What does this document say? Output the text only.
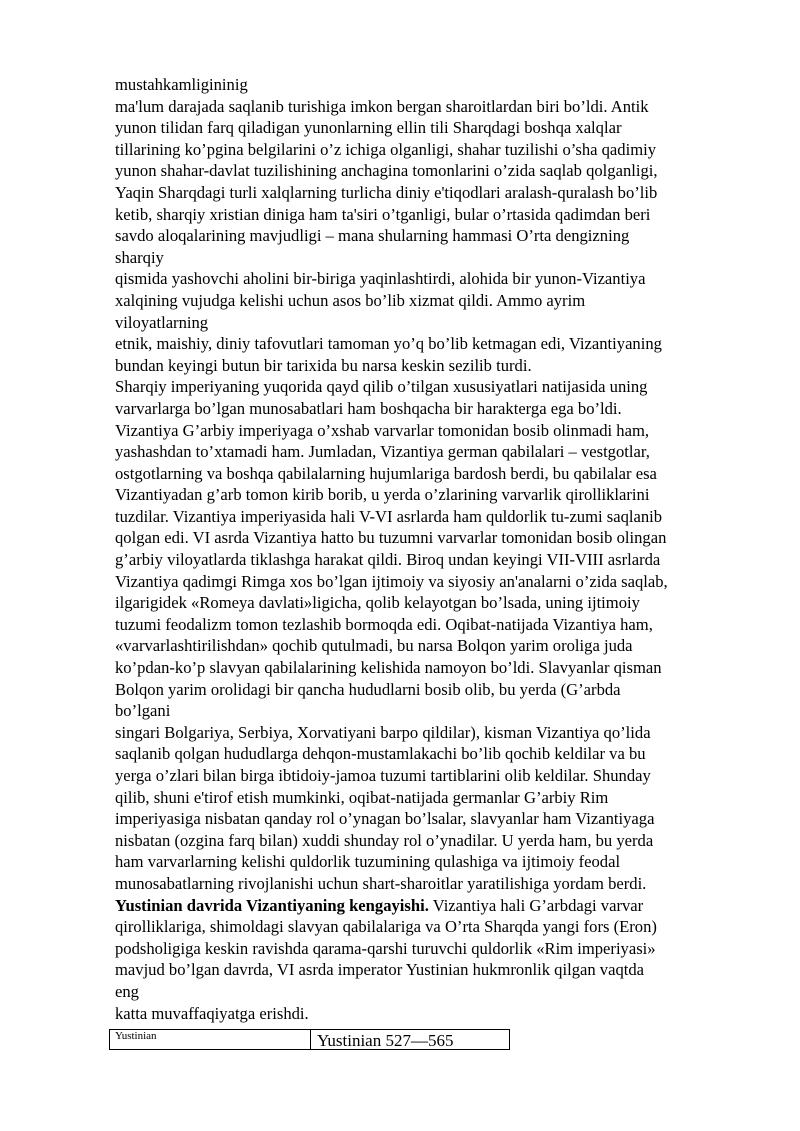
mustahkamligininig
ma'lum darajada saqlanib turishiga imkon bergan sharoitlardan biri bo’ldi. Antik
yunon tilidan farq qiladigan yunonlarning ellin tili Sharqdagi boshqa xalqlar
tillarining ko’pgina belgilarini o’z ichiga olganligi, shahar tuzilishi o’sha qadimiy
yunon shahar-davlat tuzilishining anchagina tomonlarini o’zida saqlab qolganligi,
Yaqin Sharqdagi turli xalqlarning turlicha diniy e'tiqodlari aralash-quralash bo’lib
ketib, sharqiy xristian diniga ham ta'siri o’tganligi, bular o’rtasida qadimdan beri
savdo aloqalarining mavjudligi – mana shularning hammasi O’rta dengizning
sharqiy
qismida yashovchi aholini bir-biriga yaqinlashtirdi, alohida bir yunon-Vizantiya
xalqining vujudga kelishi uchun asos bo’lib xizmat qildi. Ammo ayrim
viloyatlarning
etnik, maishiy, diniy tafovutlari tamoman yo’q bo’lib ketmagan edi, Vizantiyaning
bundan keyingi butun bir tarixida bu narsa keskin sezilib turdi.
Sharqiy imperiyaning yuqorida qayd qilib o’tilgan xususiyatlari natijasida uning
varvarlarga bo’lgan munosabatlari ham boshqacha bir harakterga ega bo’ldi.
Vizantiya G’arbiy imperiyaga o’xshab varvarlar tomonidan bosib olinmadi ham,
yashashdan to’xtamadi ham. Jumladan, Vizantiya german qabilalari – vestgotlar,
ostgotlarning va boshqa qabilalarning hujumlariga bardosh berdi, bu qabilalar esa
Vizantiyadan g’arb tomon kirib borib, u yerda o’zlarining varvarlik qirolliklarini
tuzdilar. Vizantiya imperiyasida hali V-VI asrlarda ham quldorlik tu-zumi saqlanib
qolgan edi. VI asrda Vizantiya hatto bu tuzumni varvarlar tomonidan bosib olingan
g’arbiy viloyatlarda tiklashga harakat qildi. Biroq undan keyingi VII-VIII asrlarda
Vizantiya qadimgi Rimga xos bo’lgan ijtimoiy va siyosiy an'analarni o’zida saqlab,
ilgarigidek «Romeya davlati»ligicha, qolib kelayotgan bo’lsada, uning ijtimoiy
tuzumi feodalizm tomon tezlashib bormoqda edi. Oqibat-natijada Vizantiya ham,
«varvarlashtirilishdan» qochib qutulmadi, bu narsa Bolqon yarim oroliga juda
ko’pdan-ko’p slavyan qabilalarining kelishida namoyon bo’ldi. Slavyanlar qisman
Bolqon yarim orolidagi bir qancha hududlarni bosib olib, bu yerda (G’arbda
bo’lgani
singari Bolgariya, Serbiya, Xorvatiyani barpo qildilar), kisman Vizantiya qo’lida
saqlanib qolgan hududlarga dehqon-mustamlakachi bo’lib qochib keldilar va bu
yerga o’zlari bilan birga ibtidoiy-jamoa tuzumi tartiblarini olib keldilar. Shunday
qilib, shuni e'tirof etish mumkinki, oqibat-natijada germanlar G’arbiy Rim
imperiyasiga nisbatan qanday rol o’ynagan bo’lsalar, slavyanlar ham Vizantiyaga
nisbatan (ozgina farq bilan) xuddi shunday rol o’ynadilar. U yerda ham, bu yerda
ham varvarlarning kelishi quldorlik tuzumining qulashiga va ijtimoiy feodal
munosabatlarning rivojlanishi uchun shart-sharoitlar yaratilishiga yordam berdi.
Yustinian davrida Vizantiyaning kengayishi. Vizantiya hali G’arbdagi varvar
qirolliklariga, shimoldagi slavyan qabilalariga va O’rta Sharqda yangi fors (Eron)
podsholigiga keskin ravishda qarama-qarshi turuvchi quldorlik «Rim imperiyasi»
mavjud bo’lgan davrda, VI asrda imperator Yustinian hukmronlik qilgan vaqtda
eng
katta muvaffaqiyatga erishdi.
Yustinian	Yustinian 527—565
